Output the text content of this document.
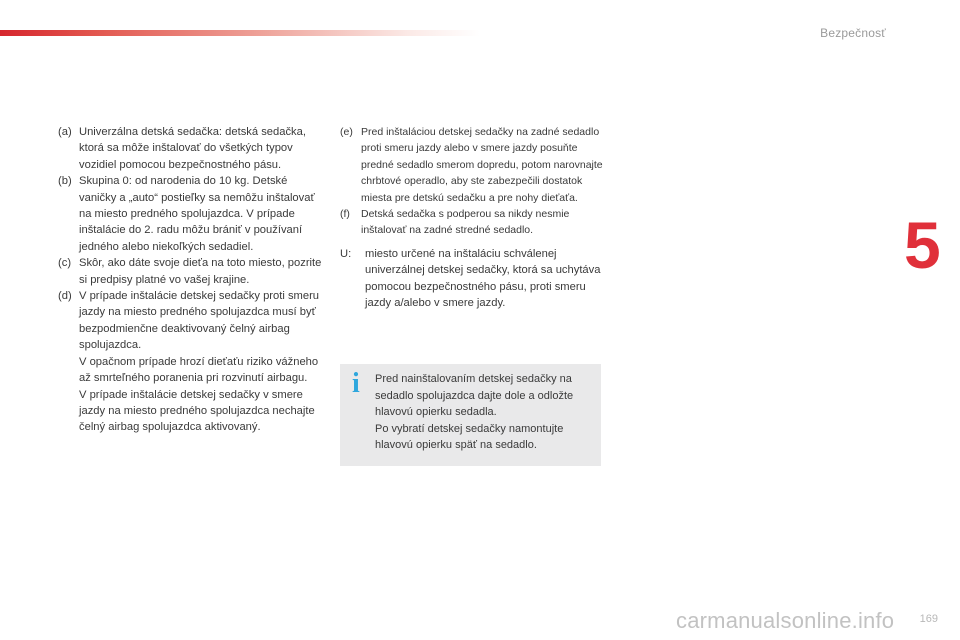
Bezpečnosť
5
(a) Univerzálna detská sedačka: detská sedačka, ktorá sa môže inštalovať do všetkých typov vozidiel pomocou bezpečnostného pásu.
(b) Skupina 0: od narodenia do 10 kg. Detské vaničky a „auto“ postieľky sa nemôžu inštalovať na miesto predného spolujazdca. V prípade inštalácie do 2. radu môžu brániť v používaní jedného alebo niekoľkých sedadiel.
(c) Skôr, ako dáte svoje dieťa na toto miesto, pozrite si predpisy platné vo vašej krajine.
(d) V prípade inštalácie detskej sedačky proti smeru jazdy na miesto predného spolujazdca musí byť bezpodmienčne deaktivovaný čelný airbag spolujazdca.

V opačnom prípade hrozí dieťaťu riziko vážneho až smrteľného poranenia pri rozvinutí airbagu.

V prípade inštalácie detskej sedačky v smere jazdy na miesto predného spolujazdca nechajte čelný airbag spolujazdca aktivovaný.

(e) Pred inštaláciou detskej sedačky na zadné sedadlo proti smeru jazdy alebo v smere jazdy posuňte predné sedadlo smerom dopredu, potom narovnajte chrbtové operadlo, aby ste zabezpečili dostatok miesta pre detskú sedačku a pre nohy dieťaťa.
(f)	Detská sedačka s podperou sa nikdy nesmie inštalovať na zadné stredné sedadlo.
U:	miesto určené na inštaláciu schválenej univerzálnej detskej sedačky, ktorá sa uchytáva pomocou bezpečnostného pásu, proti smeru jazdy a/alebo v smere jazdy.
i Pred nainštalovaním detskej sedačky na sedadlo spolujazdca dajte dole a odložte hlavovú opierku sedadla.
Po vybratí detskej sedačky namontujte hlavovú opierku späť na sedadlo.
169
carmanualsonline.info
